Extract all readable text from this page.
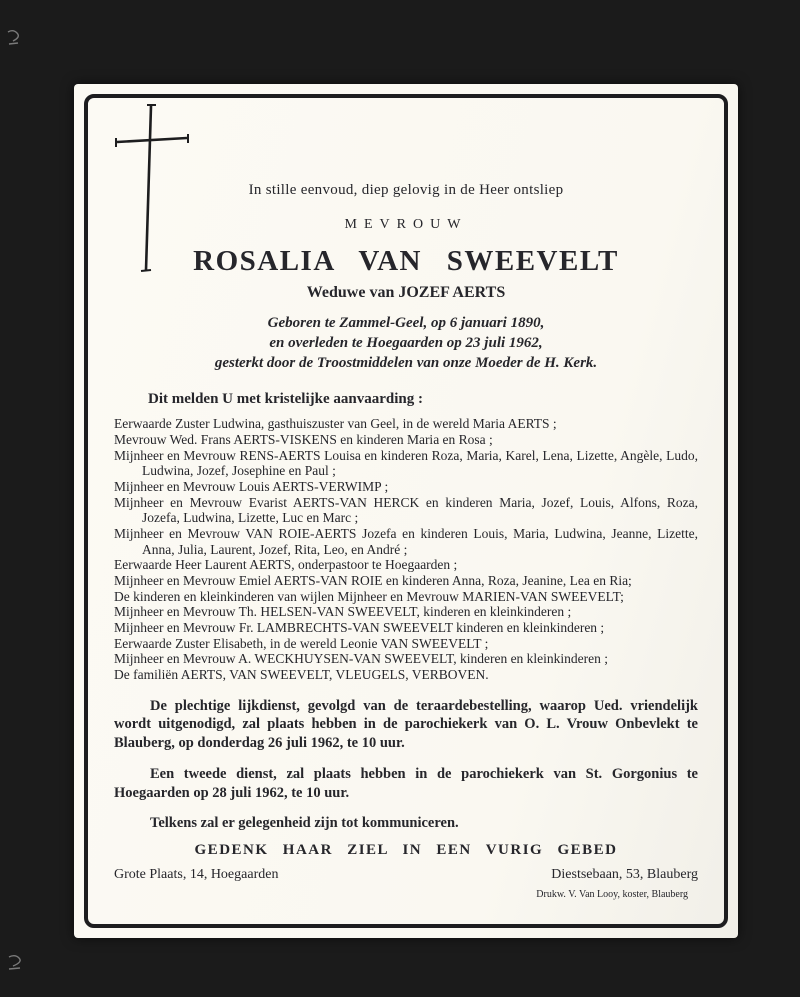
In stille eenvoud, diep gelovig in de Heer ontsliep

MEVROUW

ROSALIA VAN SWEEVELT

Weduwe van JOZEF AERTS

Geboren te Zammel-Geel, op 6 januari 1890,

en overleden te Hoegaarden op 23 juli 1962,

gesterkt door de Troostmiddelen van onze Moeder de H. Kerk.

Dit melden U met kristelijke aanvaarding :

Eerwaarde Zuster Ludwina, gasthuiszuster van Geel, in de wereld Maria AERTS ;

Mevrouw Wed. Frans AERTS-VISKENS en kinderen Maria en Rosa ;

Mijnheer en Mevrouw RENS-AERTS Louisa en kinderen Roza, Maria, Karel, Lena, Lizette, Angèle, Ludo, Ludwina, Jozef, Josephine en Paul ;

Mijnheer en Mevrouw Louis AERTS-VERWIMP ;

Mijnheer en Mevrouw Evarist AERTS-VAN HERCK en kinderen Maria, Jozef, Louis, Alfons, Roza, Jozefa, Ludwina, Lizette, Luc en Marc ;

Mijnheer en Mevrouw VAN ROIE-AERTS Jozefa en kinderen Louis, Maria, Ludwina, Jeanne, Lizette, Anna, Julia, Laurent, Jozef, Rita, Leo, en André ;

Eerwaarde Heer Laurent AERTS, onderpastoor te Hoegaarden ;

Mijnheer en Mevrouw Emiel AERTS-VAN ROIE en kinderen Anna, Roza, Jeanine, Lea en Ria;

De kinderen en kleinkinderen van wijlen Mijnheer en Mevrouw MARIEN-VAN SWEEVELT;

Mijnheer en Mevrouw Th. HELSEN-VAN SWEEVELT, kinderen en kleinkinderen ;

Mijnheer en Mevrouw Fr. LAMBRECHTS-VAN SWEEVELT kinderen en kleinkinderen ;

Eerwaarde Zuster Elisabeth, in de wereld Leonie VAN SWEEVELT ;

Mijnheer en Mevrouw A. WECKHUYSEN-VAN SWEEVELT, kinderen en kleinkinderen ;

De familiën AERTS, VAN SWEEVELT, VLEUGELS, VERBOVEN.

De plechtige lijkdienst, gevolgd van de teraardebestelling, waarop Ued. vriendelijk wordt uitgenodigd, zal plaats hebben in de parochiekerk van O. L. Vrouw Onbevlekt te Blauberg, op donderdag 26 juli 1962, te 10 uur.

Een tweede dienst, zal plaats hebben in de parochiekerk van St. Gorgonius te Hoegaarden op 28 juli 1962, te 10 uur.

Telkens zal er gelegenheid zijn tot kommuniceren.

GEDENK HAAR ZIEL IN EEN VURIG GEBED

Grote Plaats, 14, Hoegaarden	Diestsebaan, 53, Blauberg

Drukw. V. Van Looy, koster, Blauberg
